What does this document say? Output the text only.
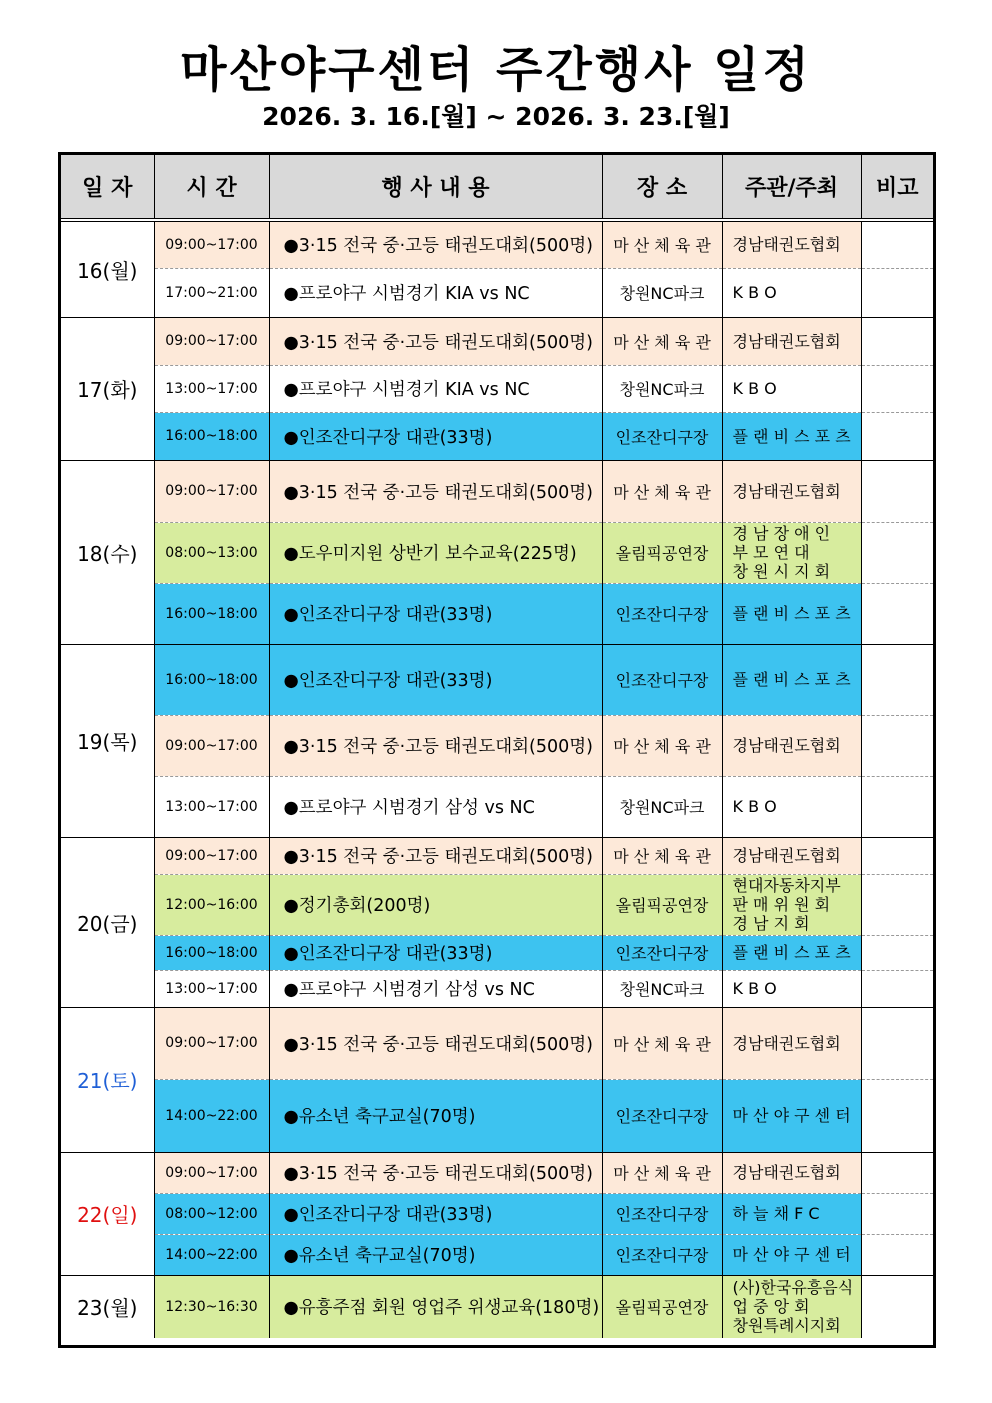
마산야구센터 주간행사 일정
2026. 3. 16.[월] ~ 2026. 3. 23.[월]
일 자	시 간	행 사 내 용	장 소	주관/주최	비고
16(월)	09:00~17:00	●3·15 전국 중·고등 태권도대회(500명)	마 산 체 육 관	경남태권도협회	

	17:00~21:00	●프로야구 시범경기 KIA vs NC	창원NC파크	K B O	

17(화)	09:00~17:00	●3·15 전국 중·고등 태권도대회(500명)	마 산 체 육 관	경남태권도협회	

	13:00~17:00	●프로야구 시범경기 KIA vs NC	창원NC파크	K B O	

	16:00~18:00	●인조잔디구장 대관(33명)	인조잔디구장	플 랜 비 스 포 츠	

18(수)	09:00~17:00	●3·15 전국 중·고등 태권도대회(500명)	마 산 체 육 관	경남태권도협회	

	08:00~13:00	●도우미지원 상반기 보수교육(225명)	올림픽공연장	경 남 장 애 인
부 모 연 대
창 원 시 지 회	

	16:00~18:00	●인조잔디구장 대관(33명)	인조잔디구장	플 랜 비 스 포 츠	

19(목)	16:00~18:00	●인조잔디구장 대관(33명)	인조잔디구장	플 랜 비 스 포 츠	

	09:00~17:00	●3·15 전국 중·고등 태권도대회(500명)	마 산 체 육 관	경남태권도협회	

	13:00~17:00	●프로야구 시범경기 삼성 vs NC	창원NC파크	K B O	

20(금)	09:00~17:00	●3·15 전국 중·고등 태권도대회(500명)	마 산 체 육 관	경남태권도협회	

	12:00~16:00	●정기총회(200명)	올림픽공연장	현대자동차지부
판 매 위 원 회
경 남 지 회	

	16:00~18:00	●인조잔디구장 대관(33명)	인조잔디구장	플 랜 비 스 포 츠	

	13:00~17:00	●프로야구 시범경기 삼성 vs NC	창원NC파크	K B O	

21(토)	09:00~17:00	●3·15 전국 중·고등 태권도대회(500명)	마 산 체 육 관	경남태권도협회	

	14:00~22:00	●유소년 축구교실(70명)	인조잔디구장	마 산 야 구 센 터	

22(일)	09:00~17:00	●3·15 전국 중·고등 태권도대회(500명)	마 산 체 육 관	경남태권도협회	

	08:00~12:00	●인조잔디구장 대관(33명)	인조잔디구장	하 늘 채 F C	

	14:00~22:00	●유소년 축구교실(70명)	인조잔디구장	마 산 야 구 센 터	

23(월)	12:30~16:30	●유흥주점 회원 영업주 위생교육(180명)	올림픽공연장	(사)한국유흥음식
업 중 앙 회
창원특례시지회	
